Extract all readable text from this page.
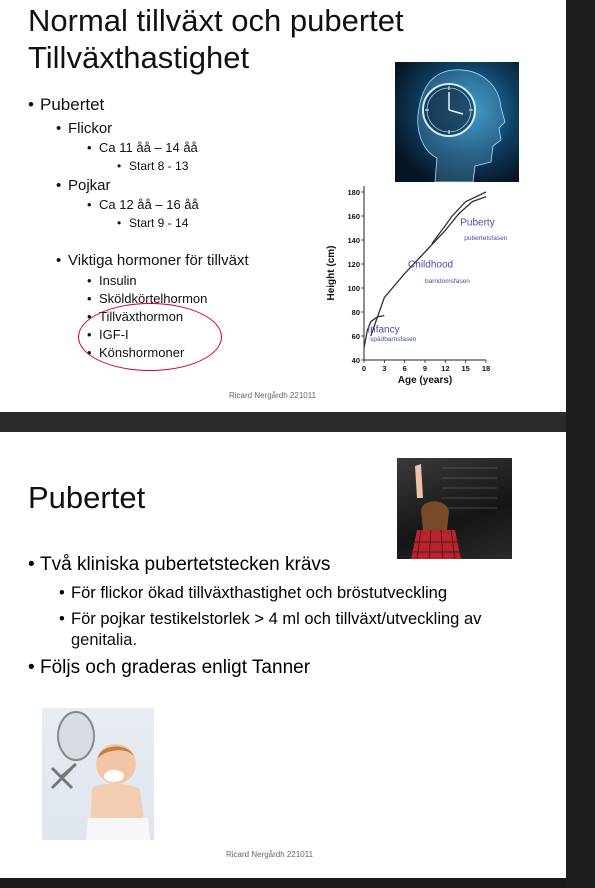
Normal tillväxt och pubertet
Tillväxthastighet
• Pubertet
• Flickor
• Ca 11 åå – 14 åå
• Start 8 - 13
• Pojkar
• Ca 12 åå – 16 åå
• Start 9 - 14
• Viktiga hormoner för tillväxt
• Insulin
• Sköldkörtelhormon
• Tillväxthormon
• IGF-I
• Könshormoner
40
60
80
100
120
140
160
180
0 3 6 9 12 15 18
Age (years)
Height (cm)
Infancy
spädbarnsfasen
Childhood
barndomsfasen
Puberty
pubertetsfasen
Ricard Nergårdh 221011
Pubertet
• Två kliniska pubertetstecken krävs
• För flickor ökad tillväxthastighet och bröstutveckling
• För pojkar testikelstorlek > 4 ml och tillväxt/utveckling av
genitalia.
• Följs och graderas enligt Tanner
Ricard Nergårdh 221011
